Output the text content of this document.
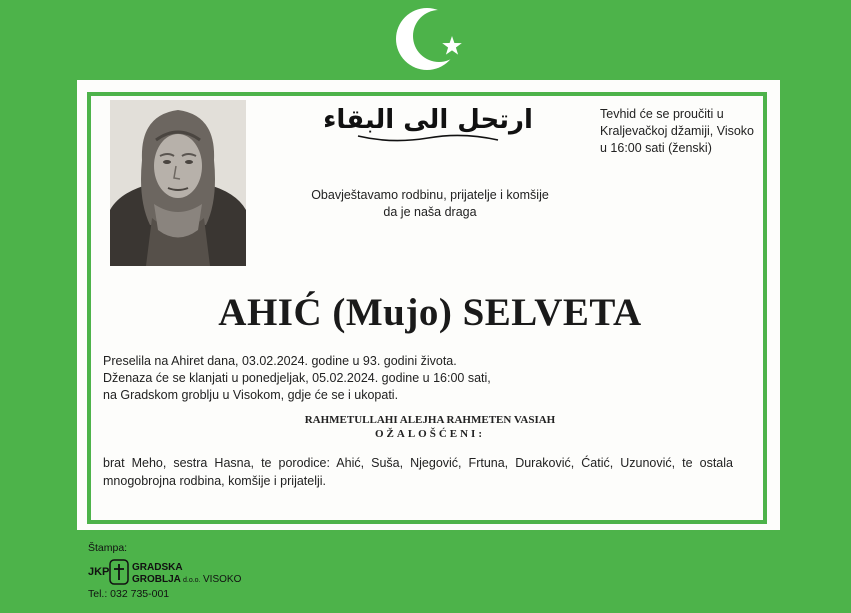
ارتحل الى البقاء	Tevhid će se proučiti u
Kraljevačkoj džamiji, Visoko
u 16:00 sati (ženski)
Obavještavamo rodbinu, prijatelje i komšije
da je naša draga
AHIĆ (Mujo) SELVETA
Preselila na Ahiret dana, 03.02.2024. godine u 93. godini života.
Dženaza će se klanjati u ponedjeljak, 05.02.2024. godine u 16:00 sati,
na Gradskom groblju u Visokom, gdje će se i ukopati.
RAHMETULLAHI ALEJHA RAHMETEN VASIAH
OŽALOŠĆENI:
brat Meho, sestra Hasna, te porodice: Ahić, Suša, Njegović, Frtuna, Duraković, Ćatić, Uzunović, te ostala mnogobrojna rodbina, komšije i prijatelji.
Štampa:
JKP GRADSKA
GROBLJA d.o.o. VISOKO
Tel.: 032 735-001
